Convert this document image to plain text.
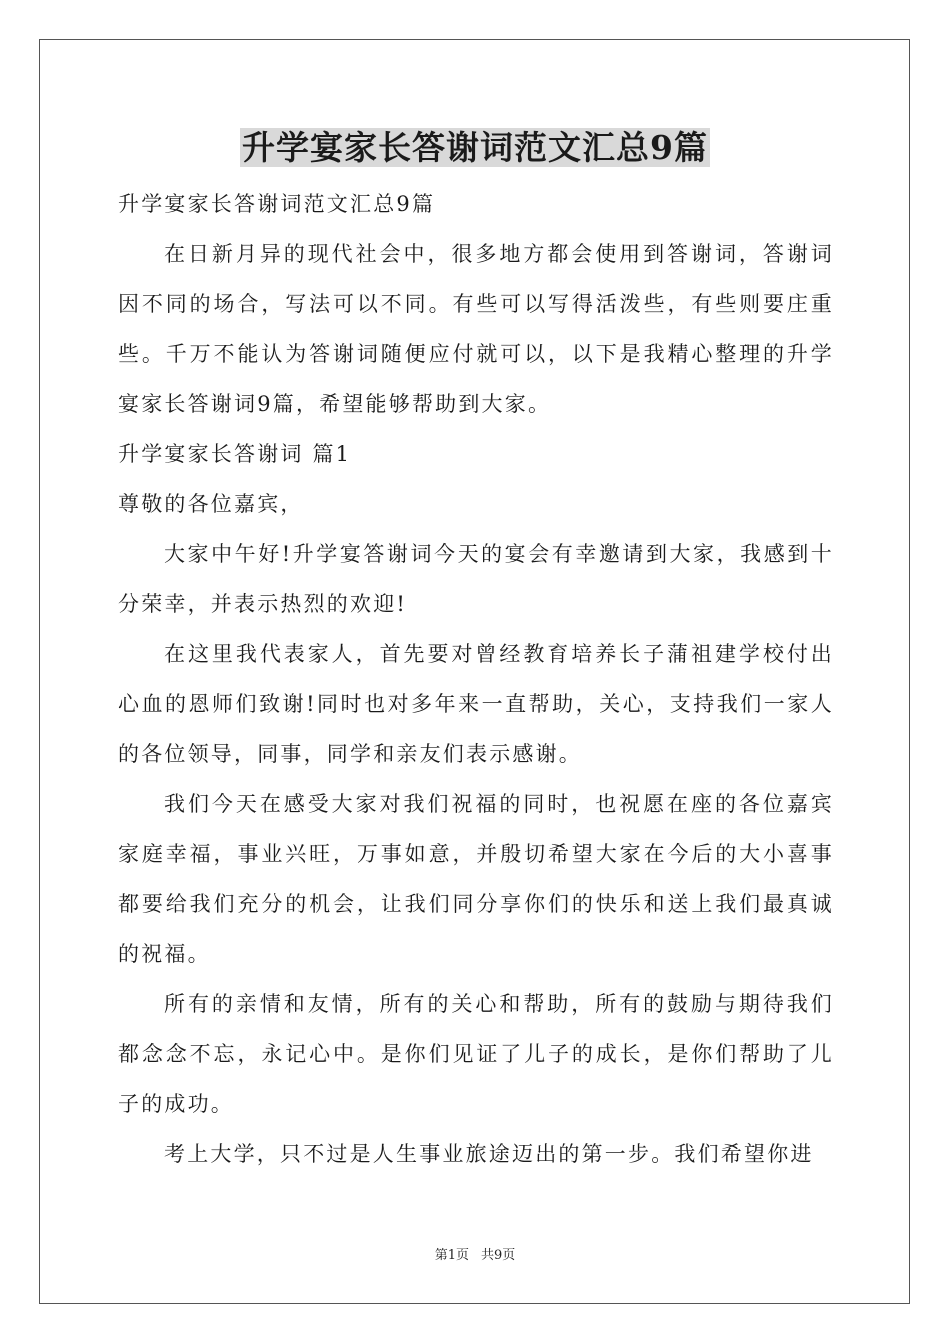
升学宴家长答谢词范文汇总9篇

升学宴家长答谢词范文汇总9篇

在日新月异的现代社会中，很多地方都会使用到答谢词，答谢词因不同的场合，写法可以不同。有些可以写得活泼些，有些则要庄重些。千万不能认为答谢词随便应付就可以，以下是我精心整理的升学宴家长答谢词9篇，希望能够帮助到大家。

升学宴家长答谢词 篇1

尊敬的各位嘉宾，

大家中午好!升学宴答谢词今天的宴会有幸邀请到大家，我感到十分荣幸，并表示热烈的欢迎!

在这里我代表家人，首先要对曾经教育培养长子蒲祖建学校付出心血的恩师们致谢!同时也对多年来一直帮助，关心，支持我们一家人的各位领导，同事，同学和亲友们表示感谢。

我们今天在感受大家对我们祝福的同时，也祝愿在座的各位嘉宾家庭幸福，事业兴旺，万事如意，并殷切希望大家在今后的大小喜事都要给我们充分的机会，让我们同分享你们的快乐和送上我们最真诚的祝福。

所有的亲情和友情，所有的关心和帮助，所有的鼓励与期待我们都念念不忘，永记心中。是你们见证了儿子的成长，是你们帮助了儿子的成功。

考上大学，只不过是人生事业旅途迈出的第一步。我们希望你进

第1页 共9页
